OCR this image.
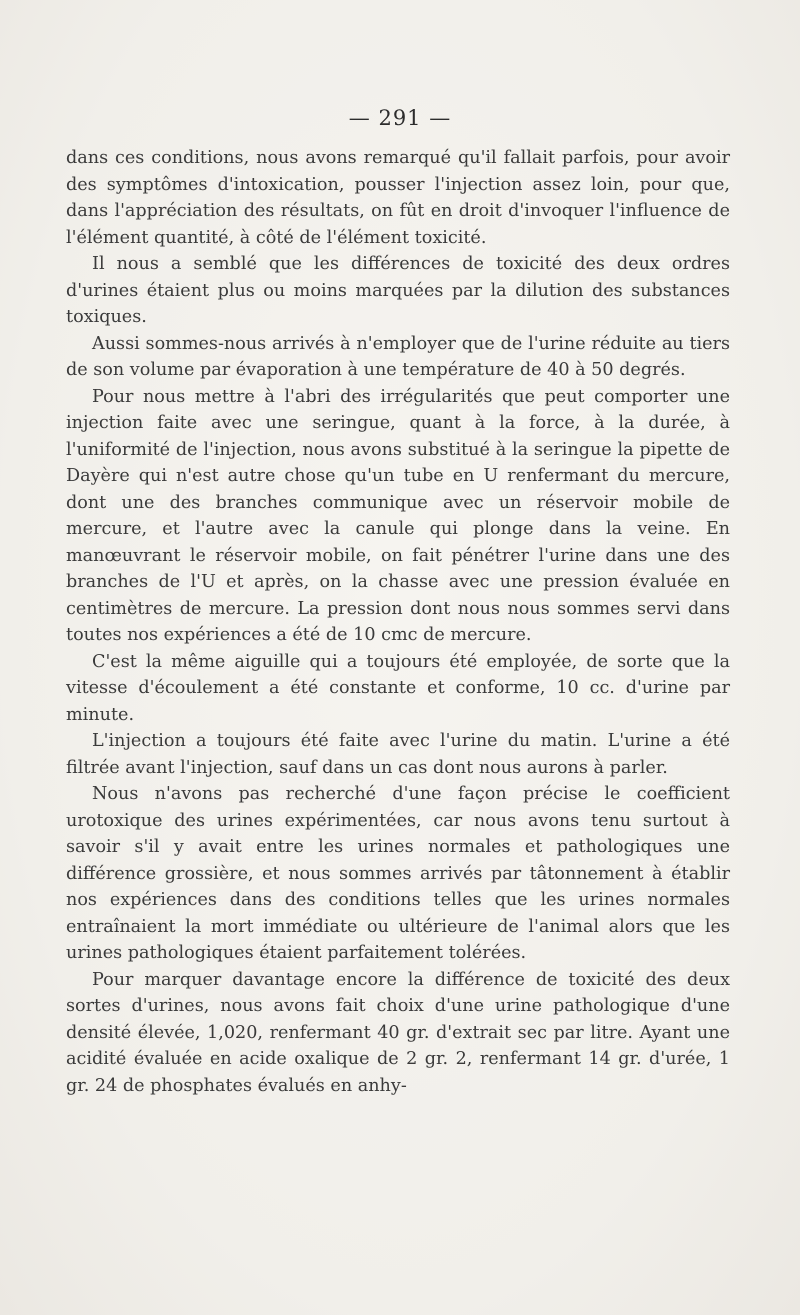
— 291 —

dans ces conditions, nous avons remarqué qu'il fallait parfois, pour avoir des symptômes d'intoxication, pousser l'injection assez loin, pour que, dans l'appréciation des résultats, on fût en droit d'invoquer l'influence de l'élément quantité, à côté de l'élément toxicité.

Il nous a semblé que les différences de toxicité des deux ordres d'urines étaient plus ou moins marquées par la dilution des substances toxiques.

Aussi sommes-nous arrivés à n'employer que de l'urine réduite au tiers de son volume par évaporation à une température de 40 à 50 degrés.

Pour nous mettre à l'abri des irrégularités que peut comporter une injection faite avec une seringue, quant à la force, à la durée, à l'uniformité de l'injection, nous avons substitué à la seringue la pipette de Dayère qui n'est autre chose qu'un tube en U renfermant du mercure, dont une des branches communique avec un réservoir mobile de mercure, et l'autre avec la canule qui plonge dans la veine. En manœuvrant le réservoir mobile, on fait pénétrer l'urine dans une des branches de l'U et après, on la chasse avec une pression évaluée en centimètres de mercure. La pression dont nous nous sommes servi dans toutes nos expériences a été de 10 cmc de mercure.

C'est la même aiguille qui a toujours été employée, de sorte que la vitesse d'écoulement a été constante et conforme, 10 cc. d'urine par minute.

L'injection a toujours été faite avec l'urine du matin. L'urine a été filtrée avant l'injection, sauf dans un cas dont nous aurons à parler.

Nous n'avons pas recherché d'une façon précise le coefficient urotoxique des urines expérimentées, car nous avons tenu surtout à savoir s'il y avait entre les urines normales et pathologiques une différence grossière, et nous sommes arrivés par tâtonnement à établir nos expériences dans des conditions telles que les urines normales entraînaient la mort immédiate ou ultérieure de l'animal alors que les urines pathologiques étaient parfaitement tolérées.

Pour marquer davantage encore la différence de toxicité des deux sortes d'urines, nous avons fait choix d'une urine pathologique d'une densité élevée, 1,020, renfermant 40 gr. d'extrait sec par litre. Ayant une acidité évaluée en acide oxalique de 2 gr. 2, renfermant 14 gr. d'urée, 1 gr. 24 de phosphates évalués en anhy-
